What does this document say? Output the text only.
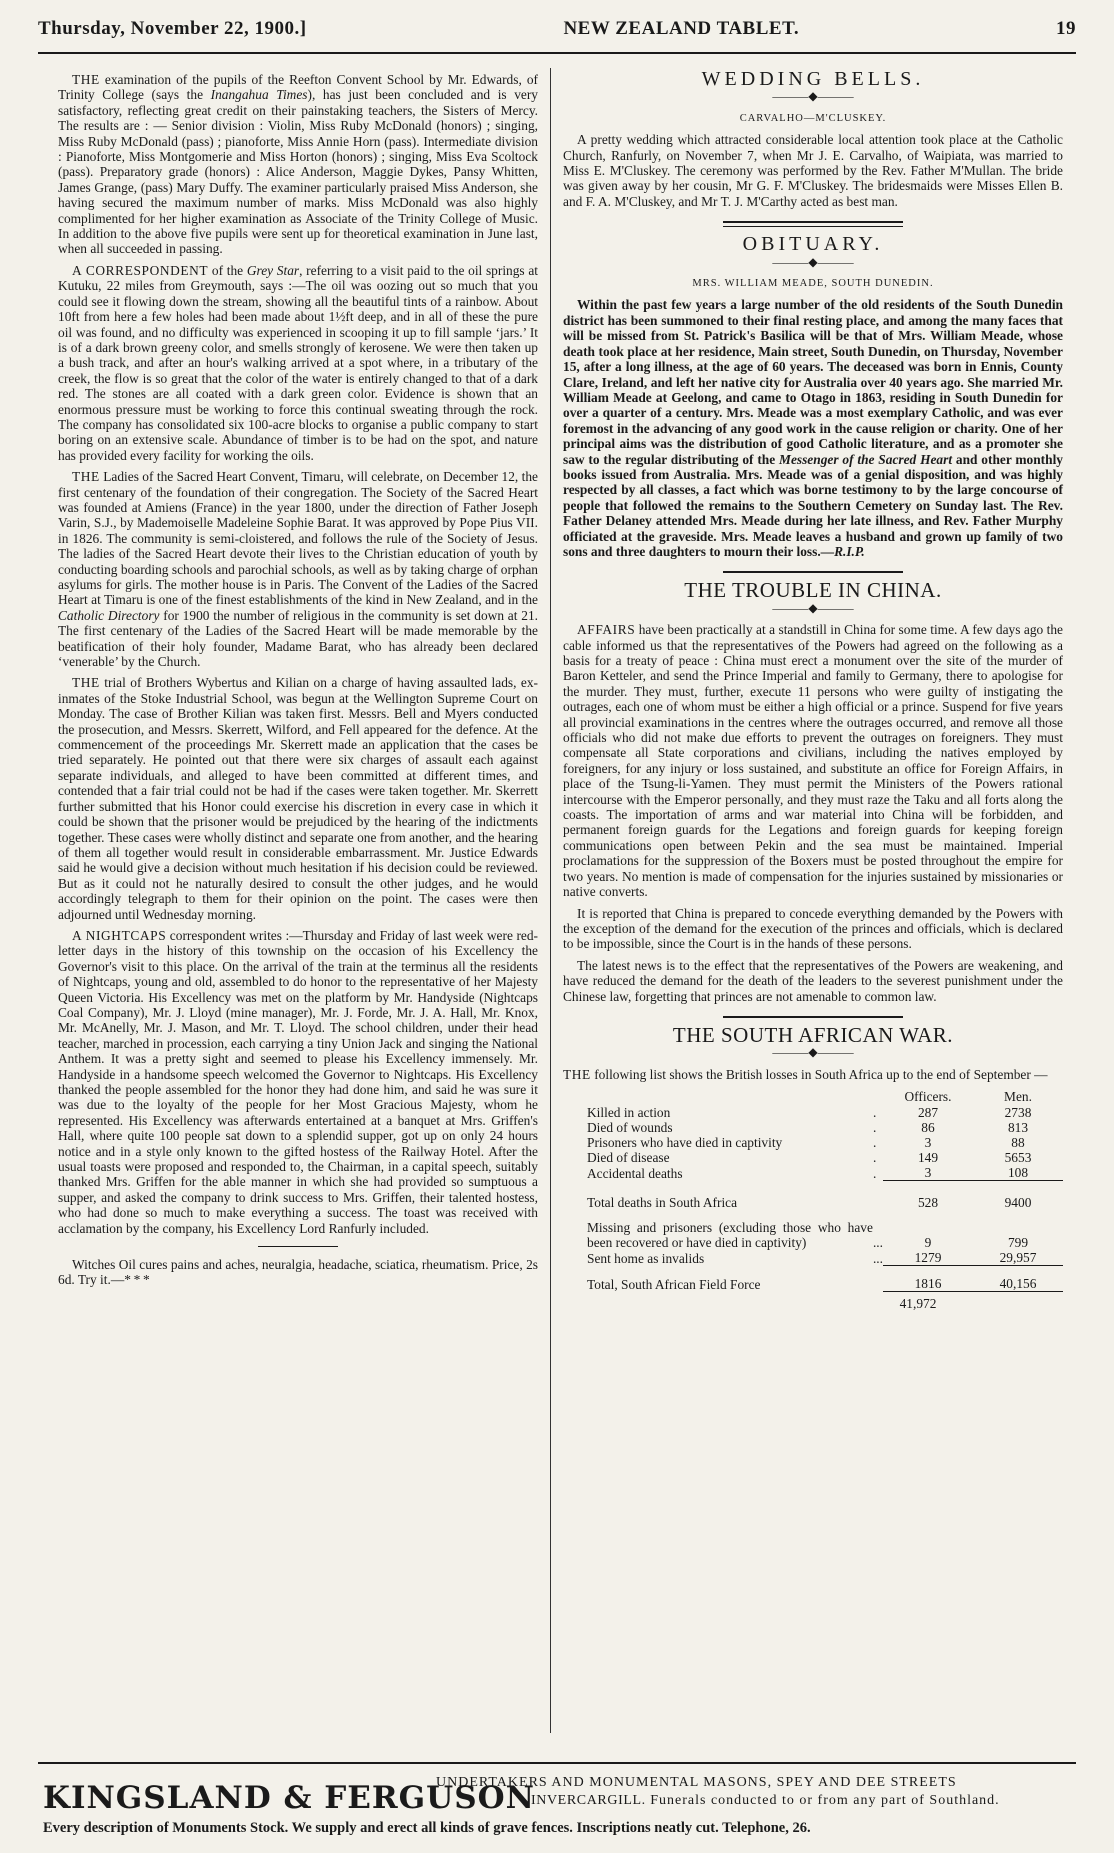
Thursday, November 22, 1900.]	NEW ZEALAND TABLET.	19

THE examination of the pupils of the Reefton Convent School by Mr. Edwards, of Trinity College (says the Inangahua Times), has just been concluded and is very satisfactory, reflecting great credit on their painstaking teachers, the Sisters of Mercy. The results are : — Senior division : Violin, Miss Ruby McDonald (honors) ; singing, Miss Ruby McDonald (pass) ; pianoforte, Miss Annie Horn (pass). Intermediate division : Pianoforte, Miss Montgomerie and Miss Horton (honors) ; singing, Miss Eva Scoltock (pass). Preparatory grade (honors) : Alice Anderson, Maggie Dykes, Pansy Whitten, James Grange, (pass) Mary Duffy. The examiner particularly praised Miss Anderson, she having secured the maximum number of marks. Miss McDonald was also highly complimented for her higher examination as Associate of the Trinity College of Music. In addition to the above five pupils were sent up for theoretical examination in June last, when all succeeded in passing.

A CORRESPONDENT of the Grey Star, referring to a visit paid to the oil springs at Kutuku, 22 miles from Greymouth, says :—The oil was oozing out so much that you could see it flowing down the stream, showing all the beautiful tints of a rainbow. About 10ft from here a few holes had been made about 1½ft deep, and in all of these the pure oil was found, and no difficulty was experienced in scooping it up to fill sample ‘jars.’ It is of a dark brown greeny color, and smells strongly of kerosene. We were then taken up a bush track, and after an hour's walking arrived at a spot where, in a tributary of the creek, the flow is so great that the color of the water is entirely changed to that of a dark red. The stones are all coated with a dark green color. Evidence is shown that an enormous pressure must be working to force this continual sweating through the rock. The company has consolidated six 100-acre blocks to organise a public company to start boring on an extensive scale. Abundance of timber is to be had on the spot, and nature has provided every facility for working the oils.

THE Ladies of the Sacred Heart Convent, Timaru, will celebrate, on December 12, the first centenary of the foundation of their congregation. The Society of the Sacred Heart was founded at Amiens (France) in the year 1800, under the direction of Father Joseph Varin, S.J., by Mademoiselle Madeleine Sophie Barat. It was approved by Pope Pius VII. in 1826. The community is semi-cloistered, and follows the rule of the Society of Jesus. The ladies of the Sacred Heart devote their lives to the Christian education of youth by conducting boarding schools and parochial schools, as well as by taking charge of orphan asylums for girls. The mother house is in Paris. The Convent of the Ladies of the Sacred Heart at Timaru is one of the finest establishments of the kind in New Zealand, and in the Catholic Directory for 1900 the number of religious in the community is set down at 21. The first centenary of the Ladies of the Sacred Heart will be made memorable by the beatification of their holy founder, Madame Barat, who has already been declared ‘venerable’ by the Church.

THE trial of Brothers Wybertus and Kilian on a charge of having assaulted lads, ex-inmates of the Stoke Industrial School, was begun at the Wellington Supreme Court on Monday. The case of Brother Kilian was taken first. Messrs. Bell and Myers conducted the prosecution, and Messrs. Skerrett, Wilford, and Fell appeared for the defence. At the commencement of the proceedings Mr. Skerrett made an application that the cases be tried separately. He pointed out that there were six charges of assault each against separate individuals, and alleged to have been committed at different times, and contended that a fair trial could not be had if the cases were taken together. Mr. Skerrett further submitted that his Honor could exercise his discretion in every case in which it could be shown that the prisoner would be prejudiced by the hearing of the indictments together. These cases were wholly distinct and separate one from another, and the hearing of them all together would result in considerable embarrassment. Mr. Justice Edwards said he would give a decision without much hesitation if his decision could be reviewed. But as it could not he naturally desired to consult the other judges, and he would accordingly telegraph to them for their opinion on the point. The cases were then adjourned until Wednesday morning.

A NIGHTCAPS correspondent writes :—Thursday and Friday of last week were red-letter days in the history of this township on the occasion of his Excellency the Governor's visit to this place. On the arrival of the train at the terminus all the residents of Nightcaps, young and old, assembled to do honor to the representative of her Majesty Queen Victoria. His Excellency was met on the platform by Mr. Handyside (Nightcaps Coal Company), Mr. J. Lloyd (mine manager), Mr. J. Forde, Mr. J. A. Hall, Mr. Knox, Mr. McAnelly, Mr. J. Mason, and Mr. T. Lloyd. The school children, under their head teacher, marched in procession, each carrying a tiny Union Jack and singing the National Anthem. It was a pretty sight and seemed to please his Excellency immensely. Mr. Handyside in a handsome speech welcomed the Governor to Nightcaps. His Excellency thanked the people assembled for the honor they had done him, and said he was sure it was due to the loyalty of the people for her Most Gracious Majesty, whom he represented. His Excellency was afterwards entertained at a banquet at Mrs. Griffen's Hall, where quite 100 people sat down to a splendid supper, got up on only 24 hours notice and in a style only known to the gifted hostess of the Railway Hotel. After the usual toasts were proposed and responded to, the Chairman, in a capital speech, suitably thanked Mrs. Griffen for the able manner in which she had provided so sumptuous a supper, and asked the company to drink success to Mrs. Griffen, their talented hostess, who had done so much to make everything a success. The toast was received with acclamation by the company, his Excellency Lord Ranfurly included.

Witches Oil cures pains and aches, neuralgia, headache, sciatica, rheumatism. Price, 2s 6d. Try it.—* * *

WEDDING BELLS.
———◆———
CARVALHO—M'CLUSKEY.

A pretty wedding which attracted considerable local attention took place at the Catholic Church, Ranfurly, on November 7, when Mr J. E. Carvalho, of Waipiata, was married to Miss E. M'Cluskey. The ceremony was performed by the Rev. Father M'Mullan. The bride was given away by her cousin, Mr G. F. M'Cluskey. The bridesmaids were Misses Ellen B. and F. A. M'Cluskey, and Mr T. J. M'Carthy acted as best man.

OBITUARY.
———◆———
MRS. WILLIAM MEADE, SOUTH DUNEDIN.

Within the past few years a large number of the old residents of the South Dunedin district has been summoned to their final resting place, and among the many faces that will be missed from St. Patrick's Basilica will be that of Mrs. William Meade, whose death took place at her residence, Main street, South Dunedin, on Thursday, November 15, after a long illness, at the age of 60 years. The deceased was born in Ennis, County Clare, Ireland, and left her native city for Australia over 40 years ago. She married Mr. William Meade at Geelong, and came to Otago in 1863, residing in South Dunedin for over a quarter of a century. Mrs. Meade was a most exemplary Catholic, and was ever foremost in the advancing of any good work in the cause religion or charity. One of her principal aims was the distribution of good Catholic literature, and as a promoter she saw to the regular distributing of the Messenger of the Sacred Heart and other monthly books issued from Australia. Mrs. Meade was of a genial disposition, and was highly respected by all classes, a fact which was borne testimony to by the large concourse of people that followed the remains to the Southern Cemetery on Sunday last. The Rev. Father Delaney attended Mrs. Meade during her late illness, and Rev. Father Murphy officiated at the graveside. Mrs. Meade leaves a husband and grown up family of two sons and three daughters to mourn their loss.—R.I.P.

THE TROUBLE IN CHINA.
———◆———

AFFAIRS have been practically at a standstill in China for some time. A few days ago the cable informed us that the representatives of the Powers had agreed on the following as a basis for a treaty of peace : China must erect a monument over the site of the murder of Baron Ketteler, and send the Prince Imperial and family to Germany, there to apologise for the murder. They must, further, execute 11 persons who were guilty of instigating the outrages, each one of whom must be either a high official or a prince. Suspend for five years all provincial examinations in the centres where the outrages occurred, and remove all those officials who did not make due efforts to prevent the outrages on foreigners. They must compensate all State corporations and civilians, including the natives employed by foreigners, for any injury or loss sustained, and substitute an office for Foreign Affairs, in place of the Tsung-li-Yamen. They must permit the Ministers of the Powers rational intercourse with the Emperor personally, and they must raze the Taku and all forts along the coasts. The importation of arms and war material into China will be forbidden, and permanent foreign guards for the Legations and foreign guards for keeping foreign communications open between Pekin and the sea must be maintained. Imperial proclamations for the suppression of the Boxers must be posted throughout the empire for two years. No mention is made of compensation for the injuries sustained by missionaries or native converts.

It is reported that China is prepared to concede everything demanded by the Powers with the exception of the demand for the execution of the princes and officials, which is declared to be impossible, since the Court is in the hands of these persons.

The latest news is to the effect that the representatives of the Powers are weakening, and have reduced the demand for the death of the leaders to the severest punishment under the Chinese law, forgetting that princes are not amenable to common law.

THE SOUTH AFRICAN WAR.
———◆———

THE following list shows the British losses in South Africa up to the end of September —

		Officers.	Men.
Killed in action	.	287	2738
Died of wounds	.	86	813
Prisoners who have died in captivity	.	3	88
Died of disease	.	149	5653
Accidental deaths	.	3	108
Total deaths in South Africa		528	9400

Missing and prisoners (excluding those who have been recovered or have died in captivity)	...	9	799
Sent home as invalids	...	1279	29,957
Total, South African Field Force		1816	40,156
41,972
KINGSLAND & FERGUSON
UNDERTAKERS AND MONUMENTAL MASONS, SPEY AND DEE STREETS
INVERCARGILL. Funerals conducted to or from any part of Southland.
Every description of Monuments Stock. We supply and erect all kinds of grave fences. Inscriptions neatly cut. Telephone, 26.
